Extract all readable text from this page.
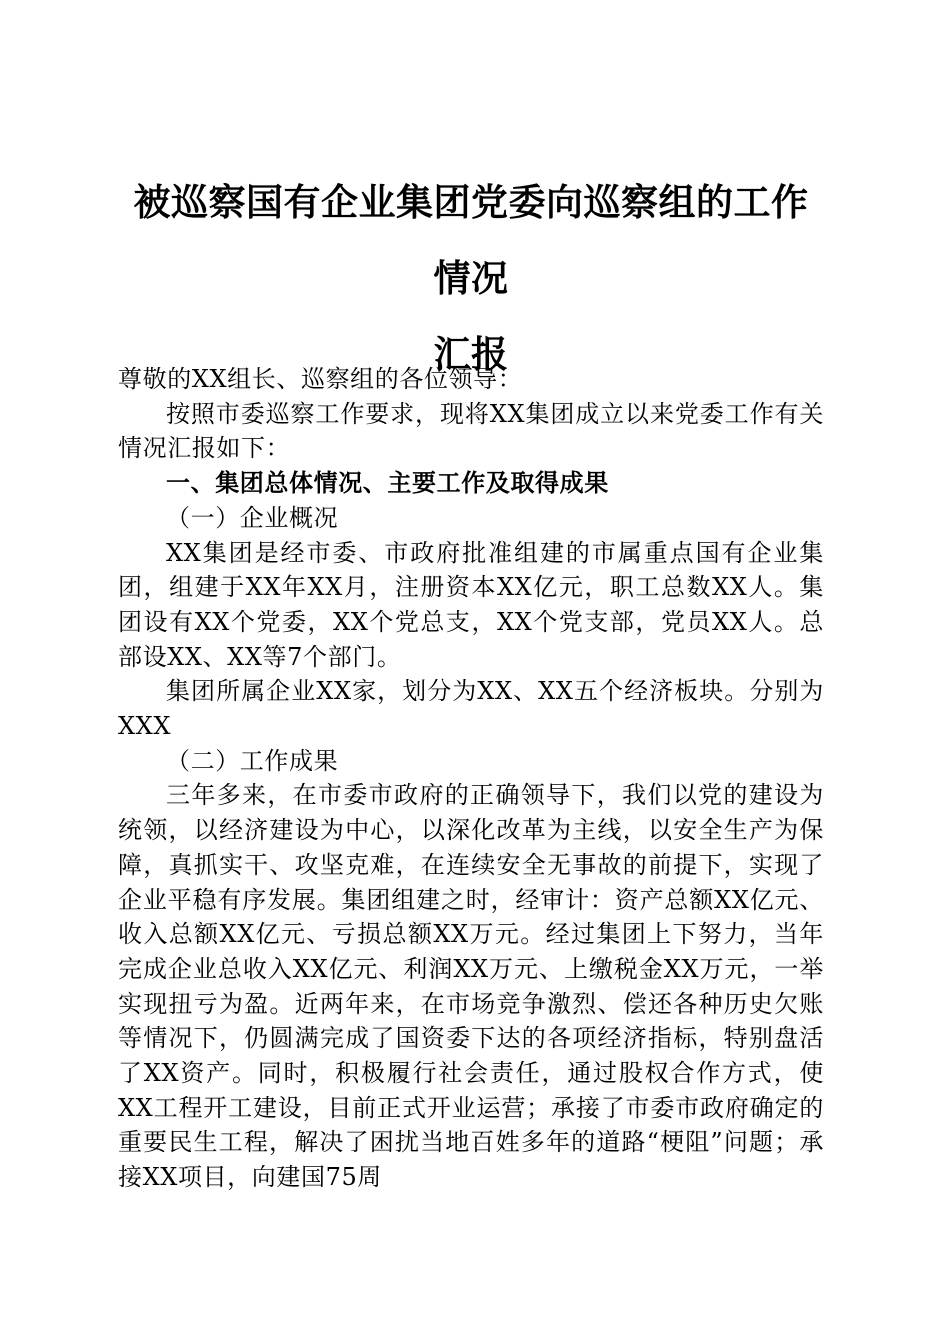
被巡察国有企业集团党委向巡察组的工作情况
汇报

尊敬的XX组长、巡察组的各位领导：

按照市委巡察工作要求，现将XX集团成立以来党委工作有关情况汇报如下：

一、集团总体情况、主要工作及取得成果

（一）企业概况

XX集团是经市委、市政府批准组建的市属重点国有企业集团，组建于XX年XX月，注册资本XX亿元，职工总数XX人。集团设有XX个党委，XX个党总支，XX个党支部，党员XX人。总部设XX、XX等7个部门。

集团所属企业XX家，划分为XX、XX五个经济板块。分别为XXX

（二）工作成果

三年多来，在市委市政府的正确领导下，我们以党的建设为统领，以经济建设为中心，以深化改革为主线，以安全生产为保障，真抓实干、攻坚克难，在连续安全无事故的前提下，实现了企业平稳有序发展。集团组建之时，经审计：资产总额XX亿元、收入总额XX亿元、亏损总额XX万元。经过集团上下努力，当年完成企业总收入XX亿元、利润XX万元、上缴税金XX万元，一举实现扭亏为盈。近两年来，在市场竞争激烈、偿还各种历史欠账等情况下，仍圆满完成了国资委下达的各项经济指标，特别盘活了XX资产。同时，积极履行社会责任，通过股权合作方式，使XX工程开工建设，目前正式开业运营；承接了市委市政府确定的重要民生工程，解决了困扰当地百姓多年的道路“梗阻”问题；承接XX项目，向建国75周
